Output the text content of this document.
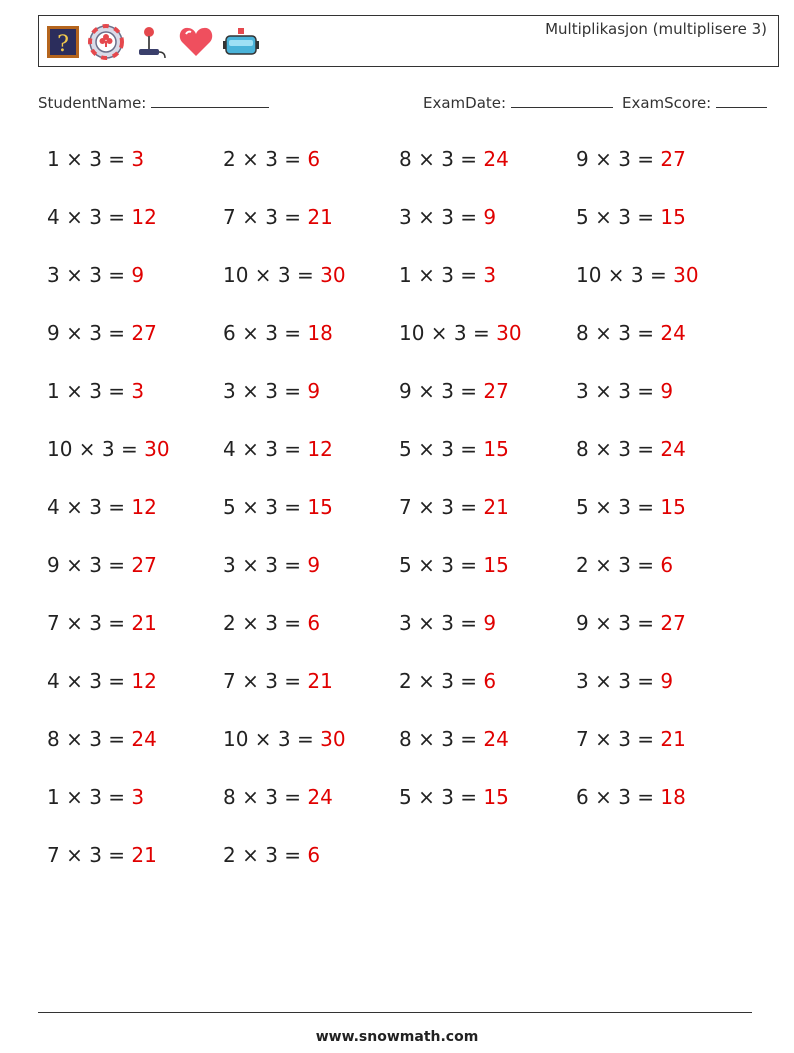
?
Multiplikasjon (multiplisere 3)
StudentName:	ExamDate:	ExamScore:
1 × 3 = 3	2 × 3 = 6	8 × 3 = 24	9 × 3 = 27
4 × 3 = 12	7 × 3 = 21	3 × 3 = 9	5 × 3 = 15
3 × 3 = 9	10 × 3 = 30	1 × 3 = 3	10 × 3 = 30
9 × 3 = 27	6 × 3 = 18	10 × 3 = 30	8 × 3 = 24
1 × 3 = 3	3 × 3 = 9	9 × 3 = 27	3 × 3 = 9
10 × 3 = 30	4 × 3 = 12	5 × 3 = 15	8 × 3 = 24
4 × 3 = 12	5 × 3 = 15	7 × 3 = 21	5 × 3 = 15
9 × 3 = 27	3 × 3 = 9	5 × 3 = 15	2 × 3 = 6
7 × 3 = 21	2 × 3 = 6	3 × 3 = 9	9 × 3 = 27
4 × 3 = 12	7 × 3 = 21	2 × 3 = 6	3 × 3 = 9
8 × 3 = 24	10 × 3 = 30	8 × 3 = 24	7 × 3 = 21
1 × 3 = 3	8 × 3 = 24	5 × 3 = 15	6 × 3 = 18
7 × 3 = 21	2 × 3 = 6
www.snowmath.com
